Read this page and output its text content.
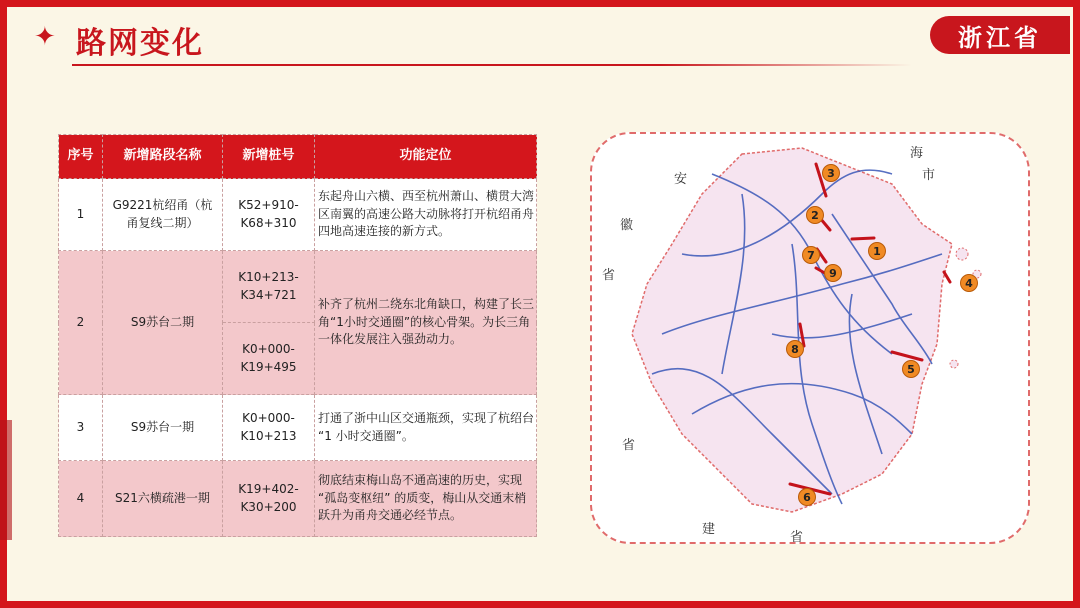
✦ 路网变化	浙江省
序号	新增路段名称	新增桩号	功能定位
1	G9221杭绍甬（杭甬复线二期）	K52+910-K68+310	东起舟山六横、西至杭州萧山、横贯大湾区南翼的高速公路大动脉将打开杭绍甬舟四地高速连接的新方式。
2	S9苏台二期	K10+213-K34+721	补齐了杭州二绕东北角缺口，构建了长三角“1小时交通圈”的核心骨架。为长三角一体化发展注入强劲动力。
		K0+000-K19+495	
3	S9苏台一期	K0+000-K10+213	打通了浙中山区交通瓶颈，实现了杭绍台 “1 小时交通圈”。
4	S21六横疏港一期	K19+402-K30+200	彻底结束梅山岛不通高速的历史，实现 “孤岛变枢纽” 的质变，梅山从交通末梢跃升为甬舟交通必经节点。
安
徽
省
省
海
市
建
省
1
2
3
4
5
6
7
8
9
